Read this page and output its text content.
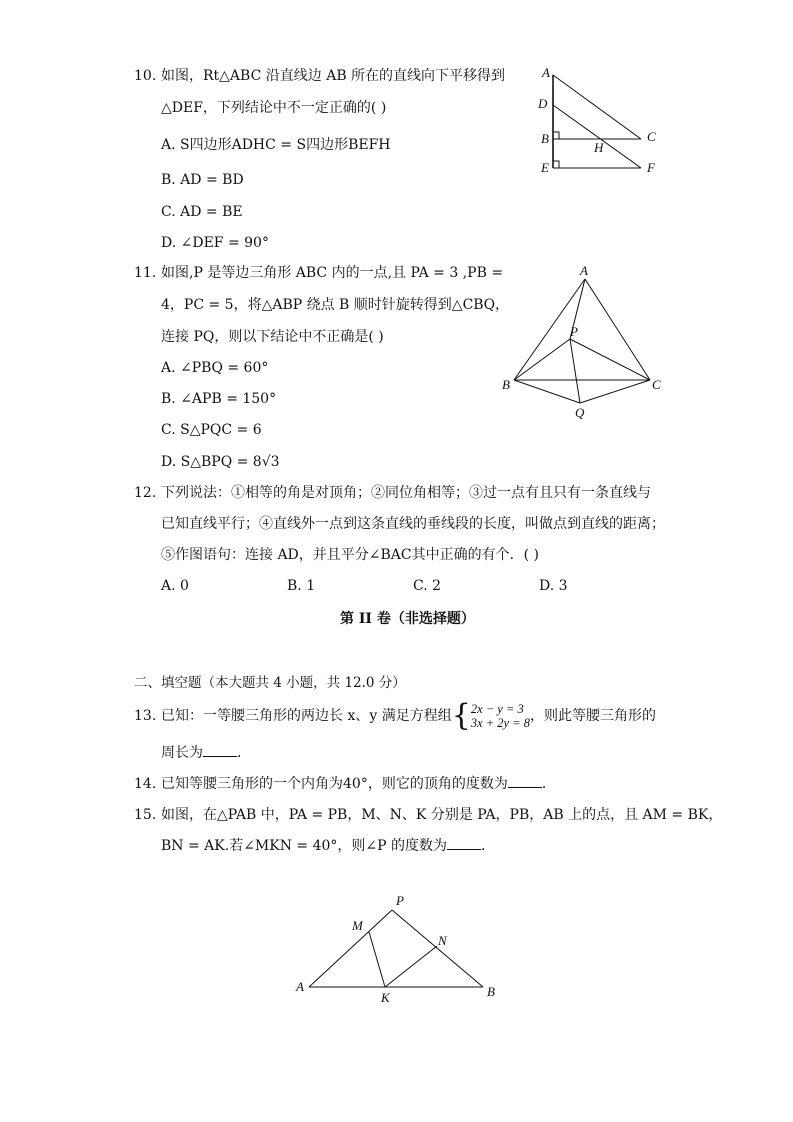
10. 如图，Rt△ABC 沿直线边 AB 所在的直线向下平移得到
△DEF，下列结论中不一定正确的( )
A. S四边形ADHC = S四边形BEFH
B. AD = BD
C. AD = BE
D. ∠DEF = 90°
A
D
B	C
H
E	F
11. 如图,P 是等边三角形 ABC 内的一点,且 PA = 3 ,PB =
4，PC = 5，将△ABP 绕点 B 顺时针旋转得到△CBQ，
连接 PQ，则以下结论中不正确是( )
A. ∠PBQ = 60°
B. ∠APB = 150°
C. S△PQC = 6
D. S△BPQ = 8√3
A
P
B	C
Q
12. 下列说法：①相等的角是对顶角；②同位角相等；③过一点有且只有一条直线与
已知直线平行；④直线外一点到这条直线的垂线段的长度，叫做点到直线的距离；
⑤作图语句：连接 AD，并且平分∠BAC其中正确的有个．( )
A. 0	B. 1	C. 2	D. 3
第 II 卷（非选择题）
二、填空题（本大题共 4 小题，共 12.0 分）
13. 已知：一等腰三角形的两边长 x、y 满足方程组{2x − y = 3
3x + 2y = 8，则此等腰三角形的
周长为 ．
14. 已知等腰三角形的一个内角为40°，则它的顶角的度数为 ．
15. 如图，在△PAB 中，PA = PB，M、N、K 分别是 PA，PB，AB 上的点，且 AM = BK，
BN = AK.若∠MKN = 40°，则∠P 的度数为 ．
P
M
N
A
K	B
